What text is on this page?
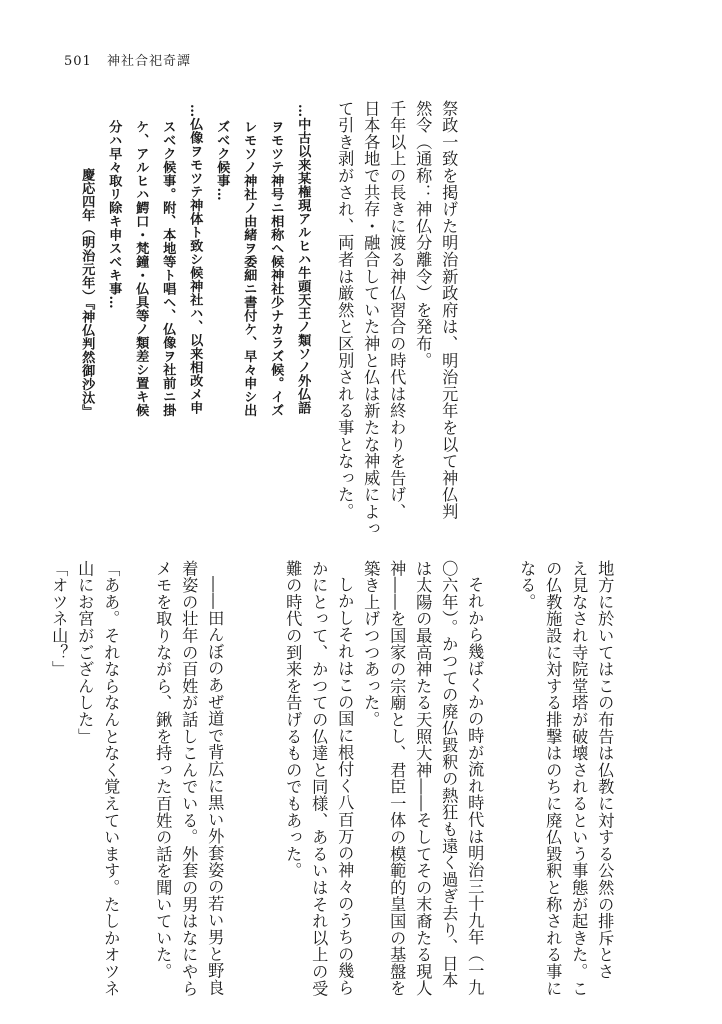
501 神社合祀奇譚
祭政一致を掲げた明治新政府は、明治元年を以て神仏判
然令（通称：神仏分離令）を発布。
千年以上の長きに渡る神仏習合の時代は終わりを告げ、
日本各地で共存・融合していた神と仏は新たな神威によっ
て引き剥がされ、両者は厳然と区別される事となった。
…中古以来某権現アルヒハ牛頭天王ノ類ソノ外仏語
ヲモツテ神号ニ相称ヘ候神社少ナカラズ候。イズ
レモソノ神社ノ由緒ヲ委細ニ書付ケ、早々申シ出
ズベク候事…
…仏像ヲモツテ神体ト致シ候神社ハ、以来相改メ申
スベク候事。附、本地等ト唱ヘ、仏像ヲ社前ニ掛
ケ、アルヒハ鰐口・梵鐘・仏具等ノ類差シ置キ候
分ハ早々取リ除キ申スベキ事…
慶応四年（明治元年）『神仏判然御沙汰』
地方に於いてはこの布告は仏教に対する公然の排斥とさ
え見なされ寺院堂塔が破壊されるという事態が起きた。こ
の仏教施設に対する排撃はのちに廃仏毀釈と称される事に
なる。
それから幾ばくかの時が流れ時代は明治三十九年（一九
〇六年）。かつての廃仏毀釈の熱狂も遠く過ぎ去り、日本
は太陽の最高神たる天照大神――そしてその末裔たる現人
神――を国家の宗廟とし、君臣一体の模範的皇国の基盤を
築き上げつつあった。
しかしそれはこの国に根付く八百万の神々のうちの幾ら
かにとって、かつての仏達と同様、あるいはそれ以上の受
難の時代の到来を告げるものでもあった。
――田んぼのあぜ道で背広に黒い外套姿の若い男と野良
着姿の壮年の百姓が話しこんでいる。外套の男はなにやら
メモを取りながら、鍬を持った百姓の話を聞いていた。
「ああ。それならなんとなく覚えています。たしかオツネ
山にお宮がござんした」
「オツネ山？」
